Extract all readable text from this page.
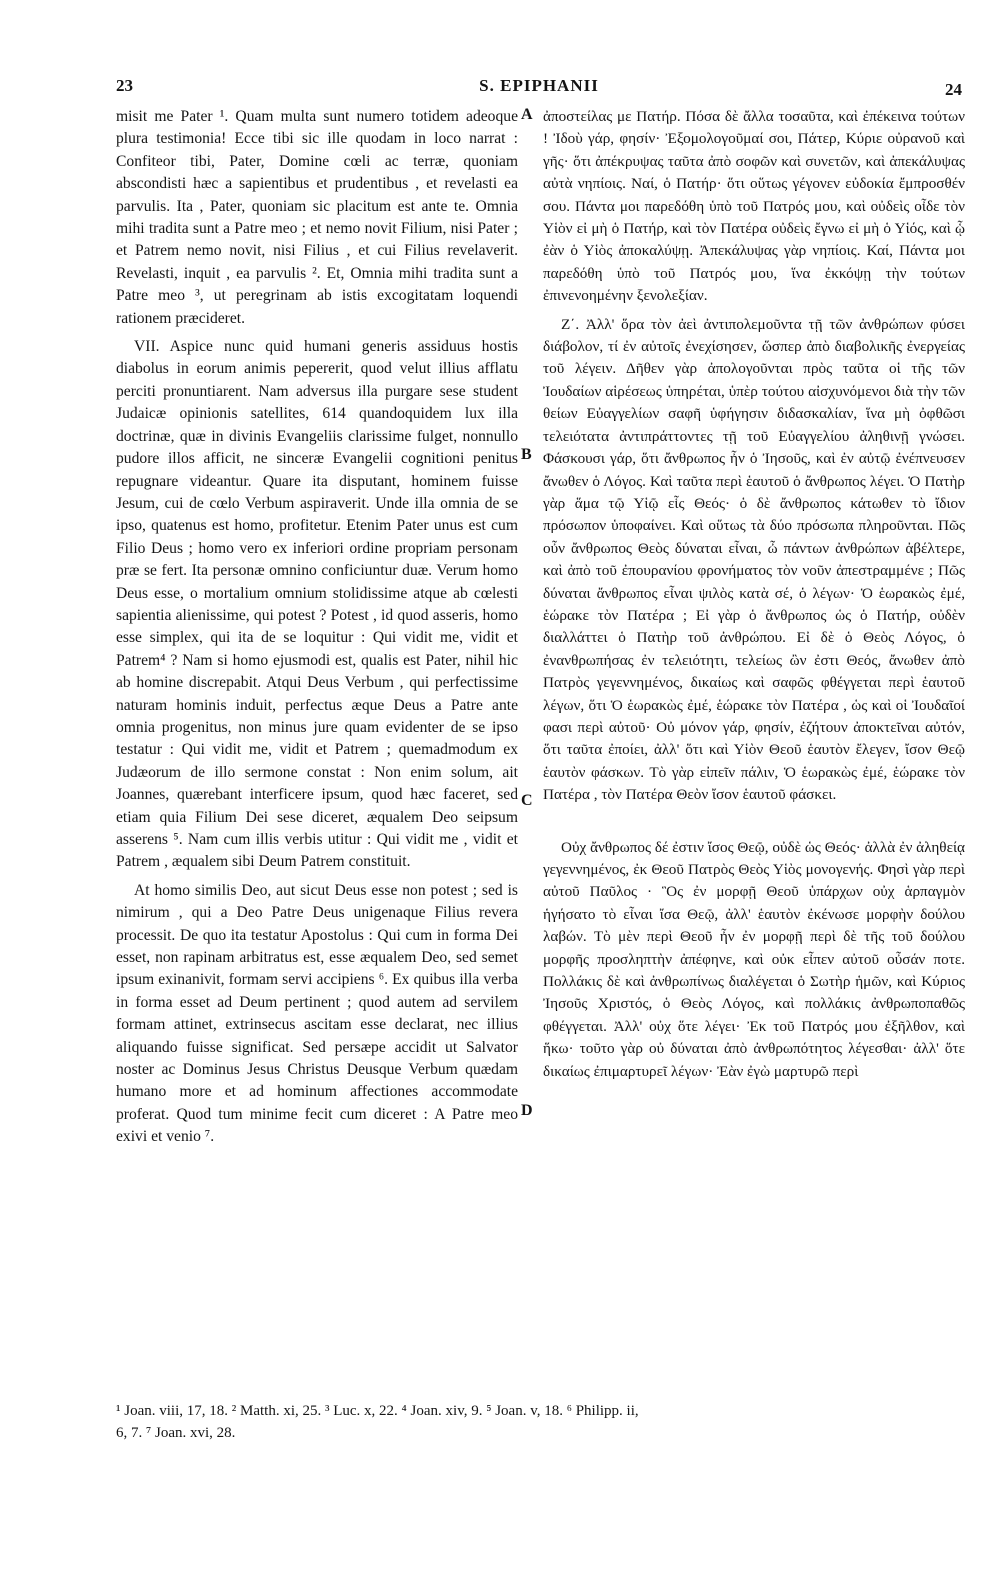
23	S. EPIPHANII	24

misit me Pater ¹. Quam multa sunt numero totidem adeoque plura testimonia! Ecce tibi sic ille quodam in loco narrat : Confiteor tibi, Pater, Domine cœli ac terræ, quoniam abscondisti hæc a sapientibus et prudentibus , et revelasti ea parvulis. Ita , Pater, quoniam sic placitum est ante te. Omnia mihi tradita sunt a Patre meo ; et nemo novit Filium, nisi Pater ; et Patrem nemo novit, nisi Filius , et cui Filius revelaverit. Revelasti, inquit , ea parvulis ². Et, Omnia mihi tradita sunt a Patre meo ³, ut peregrinam ab istis excogitatam loquendi rationem præcideret.

VII. Aspice nunc quid humani generis assiduus hostis diabolus in eorum animis pepererit, quod velut illius afflatu perciti pronuntiarent. Nam adversus illa purgare sese student Judaicæ opinionis satellites, 614 quandoquidem lux illa doctrinæ, quæ in divinis Evangeliis clarissime fulget, nonnullo pudore illos afficit, ne sinceræ Evangelii cognitioni penitus repugnare videantur. Quare ita disputant, hominem fuisse Jesum, cui de cœlo Verbum aspiraverit. Unde illa omnia de se ipso, quatenus est homo, profitetur. Etenim Pater unus est cum Filio Deus ; homo vero ex inferiori ordine propriam personam præ se fert. Ita personæ omnino conficiuntur duæ. Verum homo Deus esse, o mortalium omnium stolidissime atque ab cœlesti sapientia alienissime, qui potest ? Potest , id quod asseris, homo esse simplex, qui ita de se loquitur : Qui vidit me, vidit et Patrem⁴ ? Nam si homo ejusmodi est, qualis est Pater, nihil hic ab homine discrepabit. Atqui Deus Verbum , qui perfectissime naturam hominis induit, perfectus æque Deus a Patre ante omnia progenitus, non minus jure quam evidenter de se ipso testatur : Qui vidit me, vidit et Patrem ; quemadmodum ex Judæorum de illo sermone constat : Non enim solum, ait Joannes, quærebant interficere ipsum, quod hæc faceret, sed etiam quia Filium Dei sese diceret, æqualem Deo seipsum asserens ⁵. Nam cum illis verbis utitur : Qui vidit me , vidit et Patrem , æqualem sibi Deum Patrem constituit.

At homo similis Deo, aut sicut Deus esse non potest ; sed is nimirum , qui a Deo Patre Deus unigenaque Filius revera processit. De quo ita testatur Apostolus : Qui cum in forma Dei esset, non rapinam arbitratus est, esse æqualem Deo, sed semet ipsum exinanivit, formam servi accipiens ⁶. Ex quibus illa verba in forma esset ad Deum pertinent ; quod autem ad servilem formam attinet, extrinsecus ascitam esse declarat, nec illius aliquando fuisse significat. Sed persæpe accidit ut Salvator noster ac Dominus Jesus Christus Deusque Verbum quædam humano more et ad hominum affectiones accommodate proferat. Quod tum minime fecit cum diceret : A Patre meo exivi et venio ⁷.

A
B
C
D

ἀποστείλας με Πατήρ. Πόσα δὲ ἄλλα τοσαῦτα, καὶ ἐπέκεινα τούτων ! Ἰδοὺ γάρ, φησίν· Ἐξομολογοῦμαί σοι, Πάτερ, Κύριε οὐρανοῦ καὶ γῆς· ὅτι ἀπέκρυψας ταῦτα ἀπὸ σοφῶν καὶ συνετῶν, καὶ ἀπεκάλυψας αὐτὰ νηπίοις. Ναί, ὁ Πατήρ· ὅτι οὕτως γέγονεν εὐδοκία ἔμπροσθέν σου. Πάντα μοι παρεδόθη ὑπὸ τοῦ Πατρός μου, καὶ οὐδεὶς οἶδε τὸν Υἱὸν εἰ μὴ ὁ Πατήρ, καὶ τὸν Πατέρα οὐδεὶς ἔγνω εἰ μὴ ὁ Υἱός, καὶ ᾧ ἐὰν ὁ Υἱὸς ἀποκαλύψῃ. Ἀπεκάλυψας γὰρ νηπίοις. Καί, Πάντα μοι παρεδόθη ὑπὸ τοῦ Πατρός μου, ἵνα ἐκκόψῃ τὴν τούτων ἐπινενοημένην ξενολεξίαν.

Ζ΄. Ἀλλ' ὅρα τὸν ἀεὶ ἀντιπολεμοῦντα τῇ τῶν ἀνθρώπων φύσει διάβολον, τί ἐν αὐτοῖς ἐνεχίσησεν, ὥσπερ ἀπὸ διαβολικῆς ἐνεργείας τοῦ λέγειν. Δῆθεν γὰρ ἀπολογοῦνται πρὸς ταῦτα οἱ τῆς τῶν Ἰουδαίων αἱρέσεως ὑπηρέται, ὑπὲρ τούτου αἰσχυνόμενοι διὰ τὴν τῶν θείων Εὐαγγελίων σαφῆ ὑφήγησιν διδασκαλίαν, ἵνα μὴ ὀφθῶσι τελειότατα ἀντιπράττοντες τῇ τοῦ Εὐαγγελίου ἀληθινῇ γνώσει. Φάσκουσι γάρ, ὅτι ἄνθρωπος ἦν ὁ Ἰησοῦς, καὶ ἐν αὐτῷ ἐνέπνευσεν ἄνωθεν ὁ Λόγος. Καὶ ταῦτα περὶ ἑαυτοῦ ὁ ἄνθρωπος λέγει. Ὁ Πατὴρ γὰρ ἅμα τῷ Υἱῷ εἷς Θεός· ὁ δὲ ἄνθρωπος κάτωθεν τὸ ἴδιον πρόσωπον ὑποφαίνει. Καὶ οὕτως τὰ δύο πρόσωπα πληροῦνται. Πῶς οὖν ἄνθρωπος Θεὸς δύναται εἶναι, ὦ πάντων ἀνθρώπων ἀβέλτερε, καὶ ἀπὸ τοῦ ἐπουρανίου φρονήματος τὸν νοῦν ἀπεστραμμένε ; Πῶς δύναται ἄνθρωπος εἶναι ψιλὸς κατὰ σέ, ὁ λέγων· Ὁ ἑωρακὼς ἐμέ, ἑώρακε τὸν Πατέρα ; Εἰ γὰρ ὁ ἄνθρωπος ὡς ὁ Πατήρ, οὐδὲν διαλλάττει ὁ Πατὴρ τοῦ ἀνθρώπου. Εἰ δὲ ὁ Θεὸς Λόγος, ὁ ἐνανθρωπήσας ἐν τελειότητι, τελείως ὢν ἐστι Θεός, ἄνωθεν ἀπὸ Πατρὸς γεγεννημένος, δικαίως καὶ σαφῶς φθέγγεται περὶ ἑαυτοῦ λέγων, ὅτι Ὁ ἑωρακὼς ἐμέ, ἑώρακε τὸν Πατέρα , ὡς καὶ οἱ Ἰουδαῖοί φασι περὶ αὐτοῦ· Οὐ μόνον γάρ, φησίν, ἐζήτουν ἀποκτεῖναι αὐτόν, ὅτι ταῦτα ἐποίει, ἀλλ' ὅτι καὶ Υἱὸν Θεοῦ ἑαυτὸν ἔλεγεν, ἴσον Θεῷ ἑαυτὸν φάσκων. Τὸ γὰρ εἰπεῖν πάλιν, Ὁ ἑωρακὼς ἐμέ, ἑώρακε τὸν Πατέρα , τὸν Πατέρα Θεὸν ἴσον ἑαυτοῦ φάσκει.

Οὐχ ἄνθρωπος δέ ἐστιν ἴσος Θεῷ, οὐδὲ ὡς Θεός· ἀλλὰ ἐν ἀληθείᾳ γεγεννημένος, ἐκ Θεοῦ Πατρὸς Θεὸς Υἱὸς μονογενής. Φησὶ γὰρ περὶ αὐτοῦ Παῦλος · Ὃς ἐν μορφῇ Θεοῦ ὑπάρχων οὐχ ἁρπαγμὸν ἡγήσατο τὸ εἶναι ἴσα Θεῷ, ἀλλ' ἑαυτὸν ἐκένωσε μορφὴν δούλου λαβών. Τὸ μὲν περὶ Θεοῦ ἦν ἐν μορφῇ περὶ δὲ τῆς τοῦ δούλου μορφῆς προσληπτὴν ἀπέφηνε, καὶ οὐκ εἶπεν αὐτοῦ οὖσάν ποτε. Πολλάκις δὲ καὶ ἀνθρωπίνως διαλέγεται ὁ Σωτὴρ ἡμῶν, καὶ Κύριος Ἰησοῦς Χριστός, ὁ Θεὸς Λόγος, καὶ πολλάκις ἀνθρωποπαθῶς φθέγγεται. Ἀλλ' οὐχ ὅτε λέγει· Ἐκ τοῦ Πατρός μου ἐξῆλθον, καὶ ἥκω· τοῦτο γὰρ οὐ δύναται ἀπὸ ἀνθρωπότητος λέγεσθαι· ἀλλ' ὅτε δικαίως ἐπιμαρτυρεῖ λέγων· Ἐὰν ἐγὼ μαρτυρῶ περὶ

¹ Joan. viii, 17, 18. ² Matth. xi, 25. ³ Luc. x, 22. ⁴ Joan. xiv, 9. ⁵ Joan. v, 18. ⁶ Philipp. ii,
6, 7. ⁷ Joan. xvi, 28.
